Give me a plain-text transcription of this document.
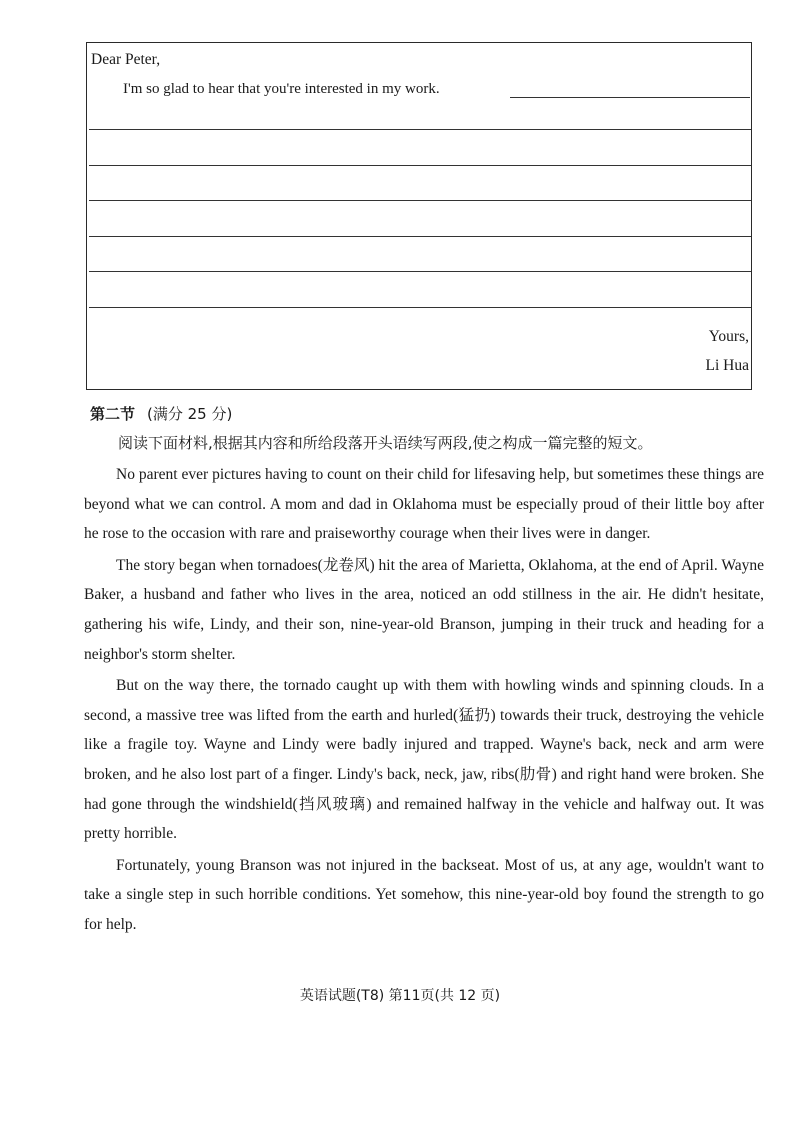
Dear Peter,
I'm so glad to hear that you're interested in my work.
Yours,
Li Hua
第二节 (满分 25 分)
阅读下面材料,根据其内容和所给段落开头语续写两段,使之构成一篇完整的短文。

No parent ever pictures having to count on their child for lifesaving help, but sometimes these things are beyond what we can control. A mom and dad in Oklahoma must be especially proud of their little boy after he rose to the occasion with rare and praiseworthy courage when their lives were in danger.

The story began when tornadoes(龙卷风) hit the area of Marietta, Oklahoma, at the end of April. Wayne Baker, a husband and father who lives in the area, noticed an odd stillness in the air. He didn't hesitate, gathering his wife, Lindy, and their son, nine-year-old Branson, jumping in their truck and heading for a neighbor's storm shelter.

But on the way there, the tornado caught up with them with howling winds and spinning clouds. In a second, a massive tree was lifted from the earth and hurled(猛扔) towards their truck, destroying the vehicle like a fragile toy. Wayne and Lindy were badly injured and trapped. Wayne's back, neck and arm were broken, and he also lost part of a finger. Lindy's back, neck, jaw, ribs(肋骨) and right hand were broken. She had gone through the windshield(挡风玻璃) and remained halfway in the vehicle and halfway out. It was pretty horrible.

Fortunately, young Branson was not injured in the backseat. Most of us, at any age, wouldn't want to take a single step in such horrible conditions. Yet somehow, this nine-year-old boy found the strength to go for help.

英语试题(T8) 第11页(共 12 页)
